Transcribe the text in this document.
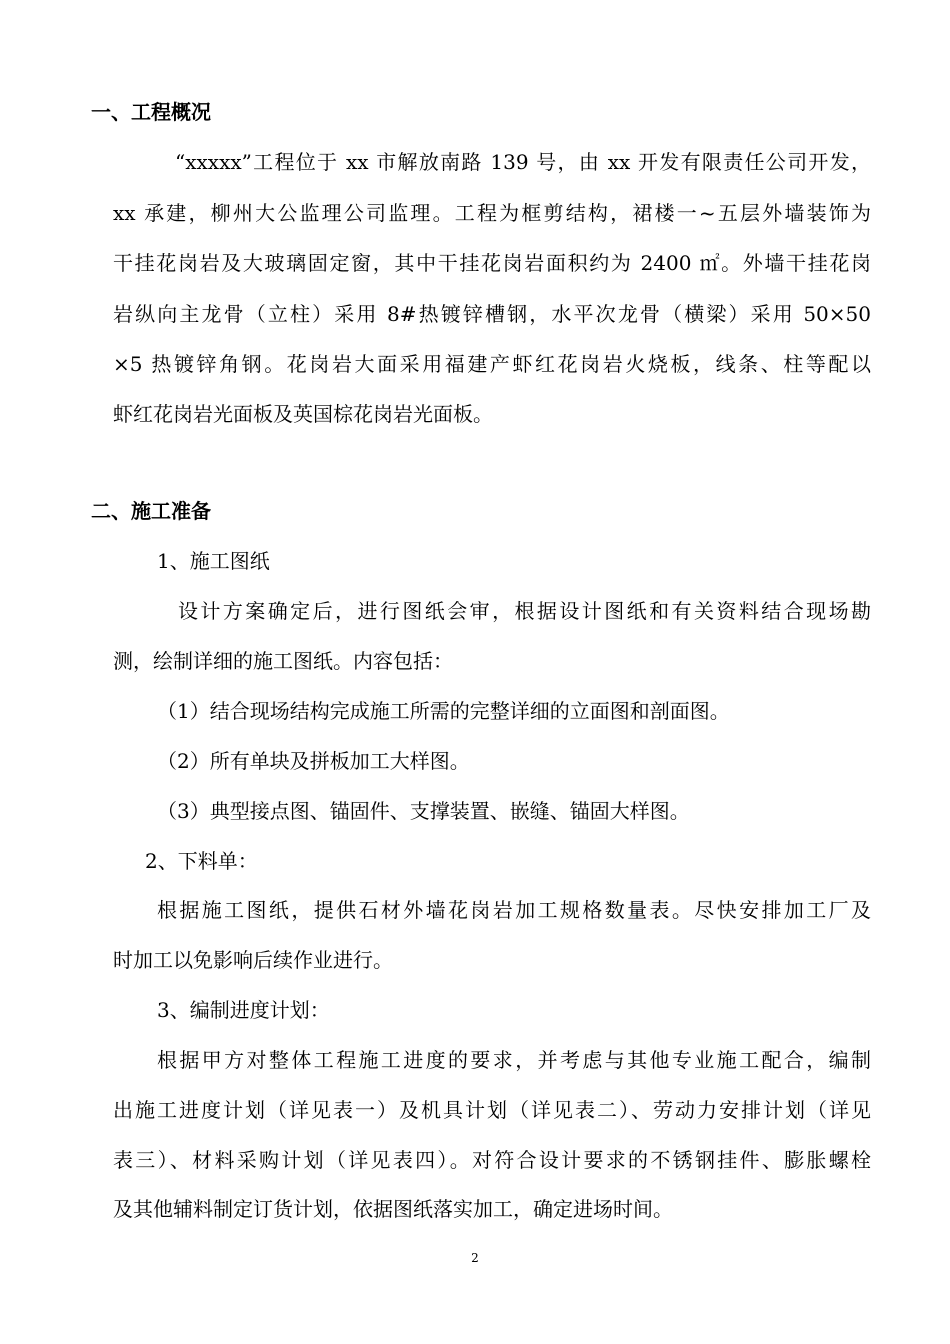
一、工程概况
“xxxxx”工程位于 xx 市解放南路 139 号，由 xx 开发有限责任公司开发，
xx 承建，柳州大公监理公司监理。工程为框剪结构，裙楼一~五层外墙装饰为
干挂花岗岩及大玻璃固定窗，其中干挂花岗岩面积约为 2400 ㎡。外墙干挂花岗
岩纵向主龙骨（立柱）采用 8#热镀锌槽钢，水平次龙骨（横梁）采用 50×50
×5 热镀锌角钢。花岗岩大面采用福建产虾红花岗岩火烧板，线条、柱等配以
虾红花岗岩光面板及英国棕花岗岩光面板。
二、施工准备
1、施工图纸
设计方案确定后，进行图纸会审，根据设计图纸和有关资料结合现场勘
测，绘制详细的施工图纸。内容包括：
（1）结合现场结构完成施工所需的完整详细的立面图和剖面图。
（2）所有单块及拼板加工大样图。
（3）典型接点图、锚固件、支撑装置、嵌缝、锚固大样图。
2、下料单：
根据施工图纸，提供石材外墙花岗岩加工规格数量表。尽快安排加工厂及
时加工以免影响后续作业进行。
3、编制进度计划：
根据甲方对整体工程施工进度的要求，并考虑与其他专业施工配合，编制
出施工进度计划（详见表一）及机具计划（详见表二）、劳动力安排计划（详见
表三）、材料采购计划（详见表四）。对符合设计要求的不锈钢挂件、膨胀螺栓
及其他辅料制定订货计划，依据图纸落实加工，确定进场时间。
2
